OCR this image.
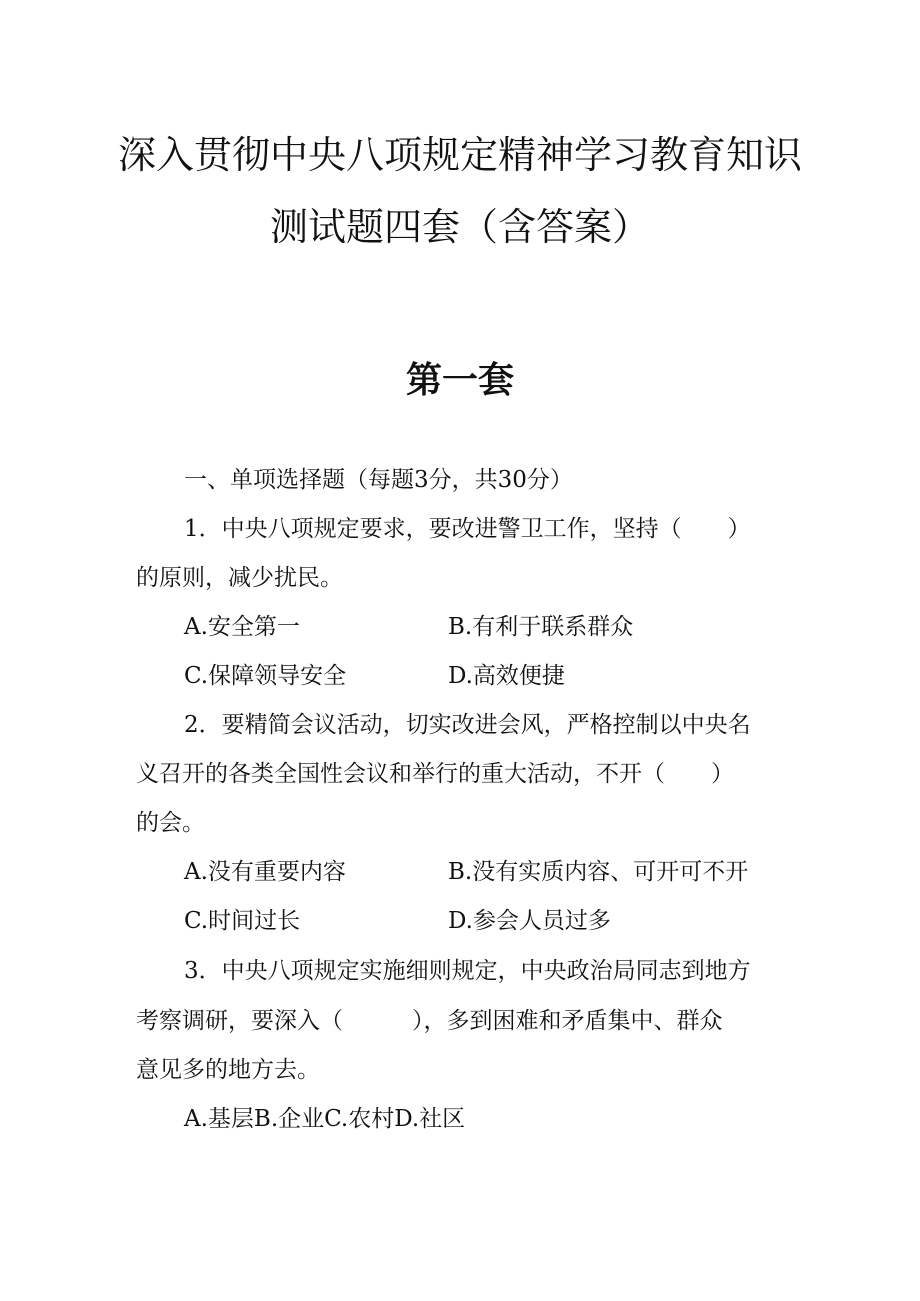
深入贯彻中央八项规定精神学习教育知识
测试题四套（含答案）
第一套
一、单项选择题（每题3分，共30分）
1．中央八项规定要求，要改进警卫工作，坚持（　　）
的原则，减少扰民。
A.安全第一	B.有利于联系群众
C.保障领导安全	D.高效便捷
2．要精简会议活动，切实改进会风，严格控制以中央名
义召开的各类全国性会议和举行的重大活动，不开（　　）
的会。
A.没有重要内容	B.没有实质内容、可开可不开
C.时间过长	D.参会人员过多
3．中央八项规定实施细则规定，中央政治局同志到地方
考察调研，要深入（　　　），多到困难和矛盾集中、群众
意见多的地方去。
A.基层B.企业C.农村D.社区
